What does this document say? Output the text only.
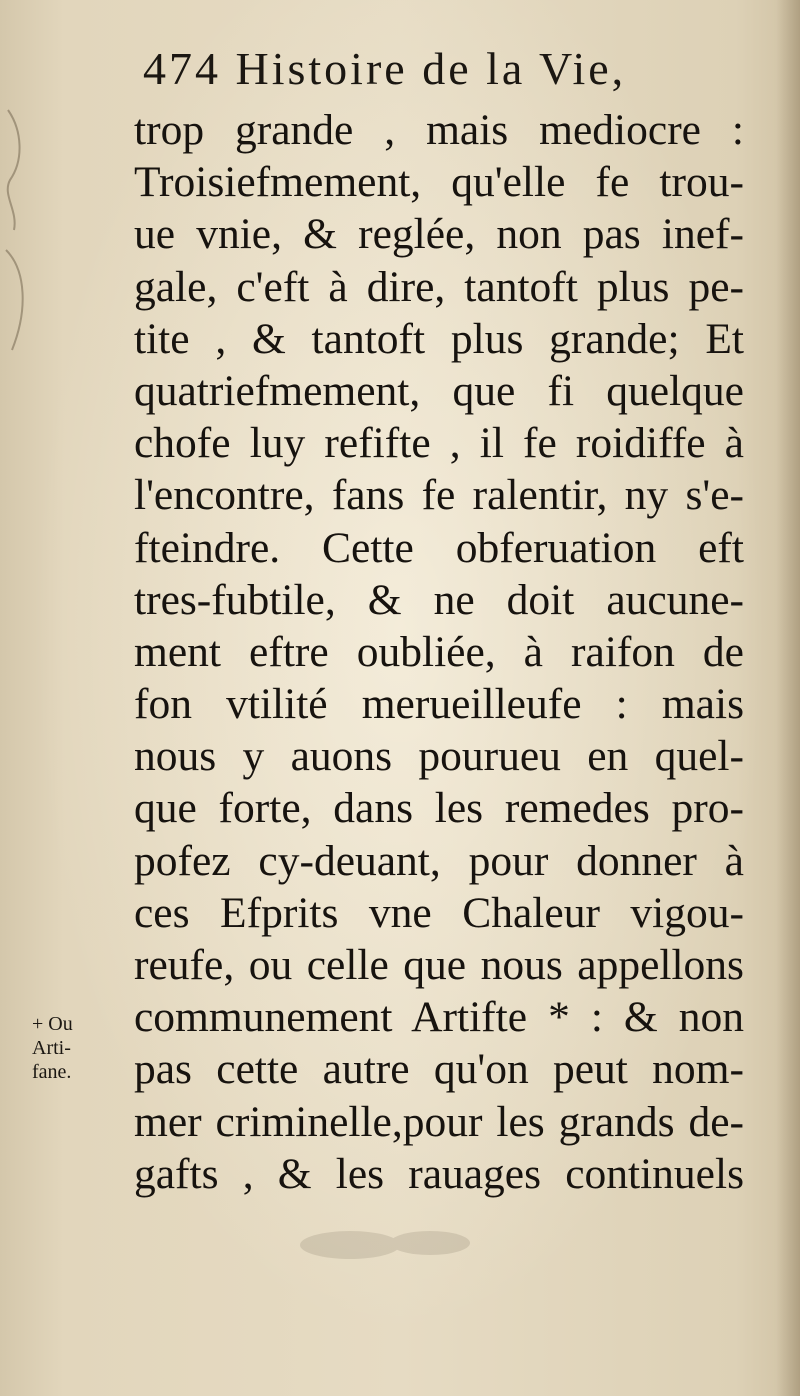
474 Histoire de la Vie,
trop grande , mais mediocre :
Troisiefmement, qu'elle fe trou-
ue vnie, & reglée, non pas inef-
gale, c'eft à dire, tantoft plus pe-
tite , & tantoft plus grande; Et
quatriefmement, que fi quelque
chofe luy refifte , il fe roidiffe à
l'encontre, fans fe ralentir, ny s'e-
fteindre. Cette obferuation eft
tres-fubtile, & ne doit aucune-
ment eftre oubliée, à raifon de
fon vtilité merueilleufe : mais
nous y auons pourueu en quel-
que forte, dans les remedes pro-
pofez cy-deuant, pour donner à
ces Efprits vne Chaleur vigou-
reufe, ou celle que nous appellons
communement Artifte * : & non
pas cette autre qu'on peut nom-
mer criminelle,pour les grands de-
gafts , & les rauages continuels
+ Ou
Arti-
fane.
